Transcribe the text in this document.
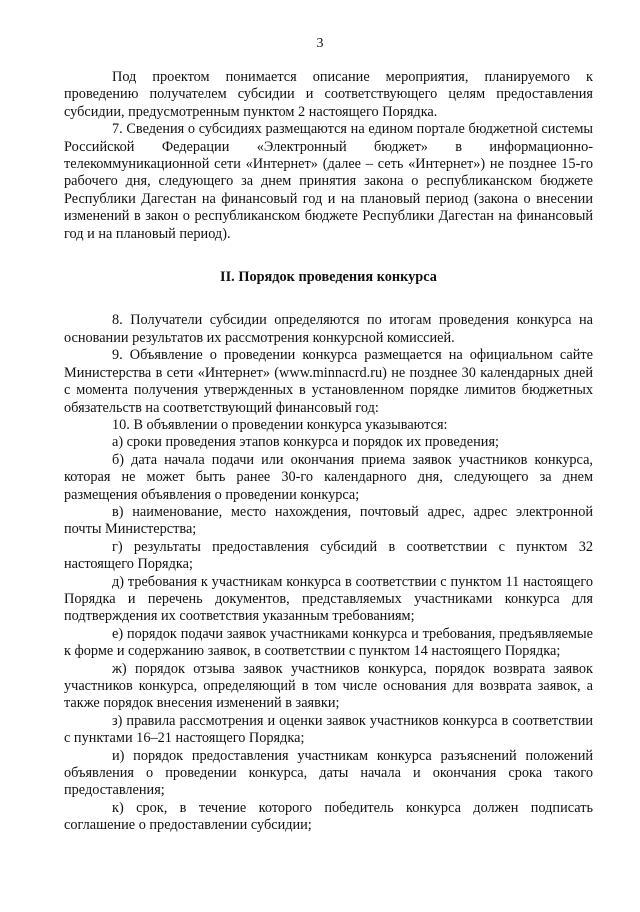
3

Под проектом понимается описание мероприятия, планируемого к проведению получателем субсидии и соответствующего целям предоставления субсидии, предусмотренным пунктом 2 настоящего Порядка.

7. Сведения о субсидиях размещаются на едином портале бюджетной системы Российской Федерации «Электронный бюджет» в информационно-телекоммуникационной сети «Интернет» (далее – сеть «Интернет») не позднее 15-го рабочего дня, следующего за днем принятия закона о республиканском бюджете Республики Дагестан на финансовый год и на плановый период (закона о внесении изменений в закон о республиканском бюджете Республики Дагестан на финансовый год и на плановый период).

II. Порядок проведения конкурса

8. Получатели субсидии определяются по итогам проведения конкурса на основании результатов их рассмотрения конкурсной комиссией.

9. Объявление о проведении конкурса размещается на официальном сайте Министерства в сети «Интернет» (www.minnacrd.ru) не позднее 30 календарных дней с момента получения утвержденных в установленном порядке лимитов бюджетных обязательств на соответствующий финансовый год:

10. В объявлении о проведении конкурса указываются:

а) сроки проведения этапов конкурса и порядок их проведения;

б) дата начала подачи или окончания приема заявок участников конкурса, которая не может быть ранее 30-го календарного дня, следующего за днем размещения объявления о проведении конкурса;

в) наименование, место нахождения, почтовый адрес, адрес электронной почты Министерства;

г) результаты предоставления субсидий в соответствии с пунктом 32 настоящего Порядка;

д) требования к участникам конкурса в соответствии с пунктом 11 настоящего Порядка и перечень документов, представляемых участниками конкурса для подтверждения их соответствия указанным требованиям;

е) порядок подачи заявок участниками конкурса и требования, предъявляемые к форме и содержанию заявок, в соответствии с пунктом 14 настоящего Порядка;

ж) порядок отзыва заявок участников конкурса, порядок возврата заявок участников конкурса, определяющий в том числе основания для возврата заявок, а также порядок внесения изменений в заявки;

з) правила рассмотрения и оценки заявок участников конкурса в соответствии с пунктами 16–21 настоящего Порядка;

и) порядок предоставления участникам конкурса разъяснений положений объявления о проведении конкурса, даты начала и окончания срока такого предоставления;

к) срок, в течение которого победитель конкурса должен подписать соглашение о предоставлении субсидии;
